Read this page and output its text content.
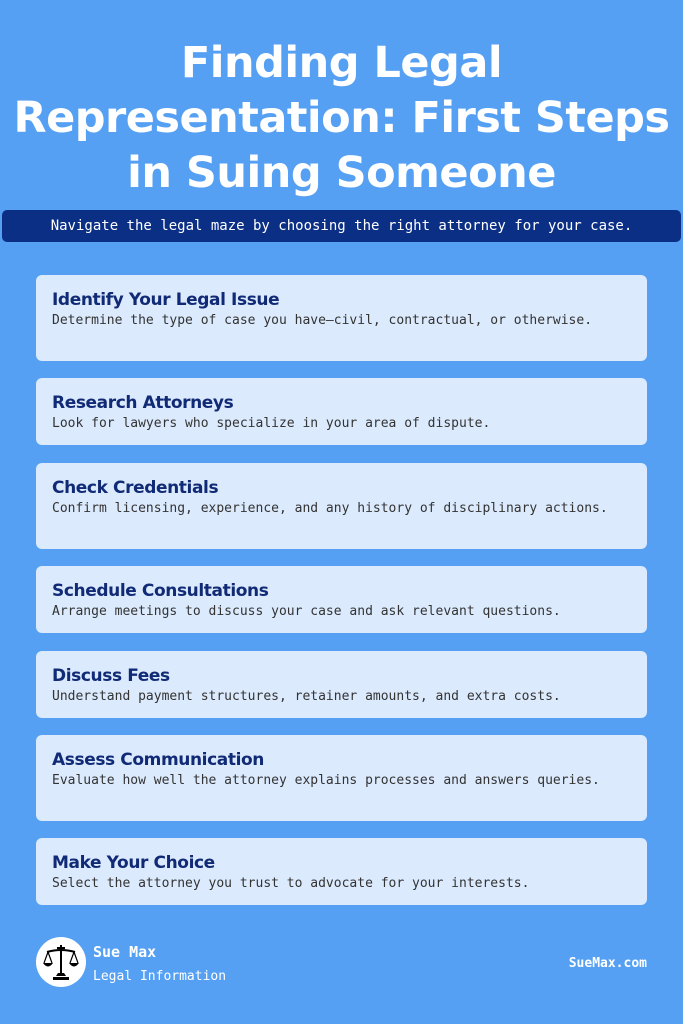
Finding Legal Representation: First Steps in Suing Someone
Navigate the legal maze by choosing the right attorney for your case.
Identify Your Legal Issue
Determine the type of case you have—civil, contractual, or otherwise.
Research Attorneys
Look for lawyers who specialize in your area of dispute.
Check Credentials
Confirm licensing, experience, and any history of disciplinary actions.
Schedule Consultations
Arrange meetings to discuss your case and ask relevant questions.
Discuss Fees
Understand payment structures, retainer amounts, and extra costs.
Assess Communication
Evaluate how well the attorney explains processes and answers queries.
Make Your Choice
Select the attorney you trust to advocate for your interests.
Sue Max
Legal Information
SueMax.com
